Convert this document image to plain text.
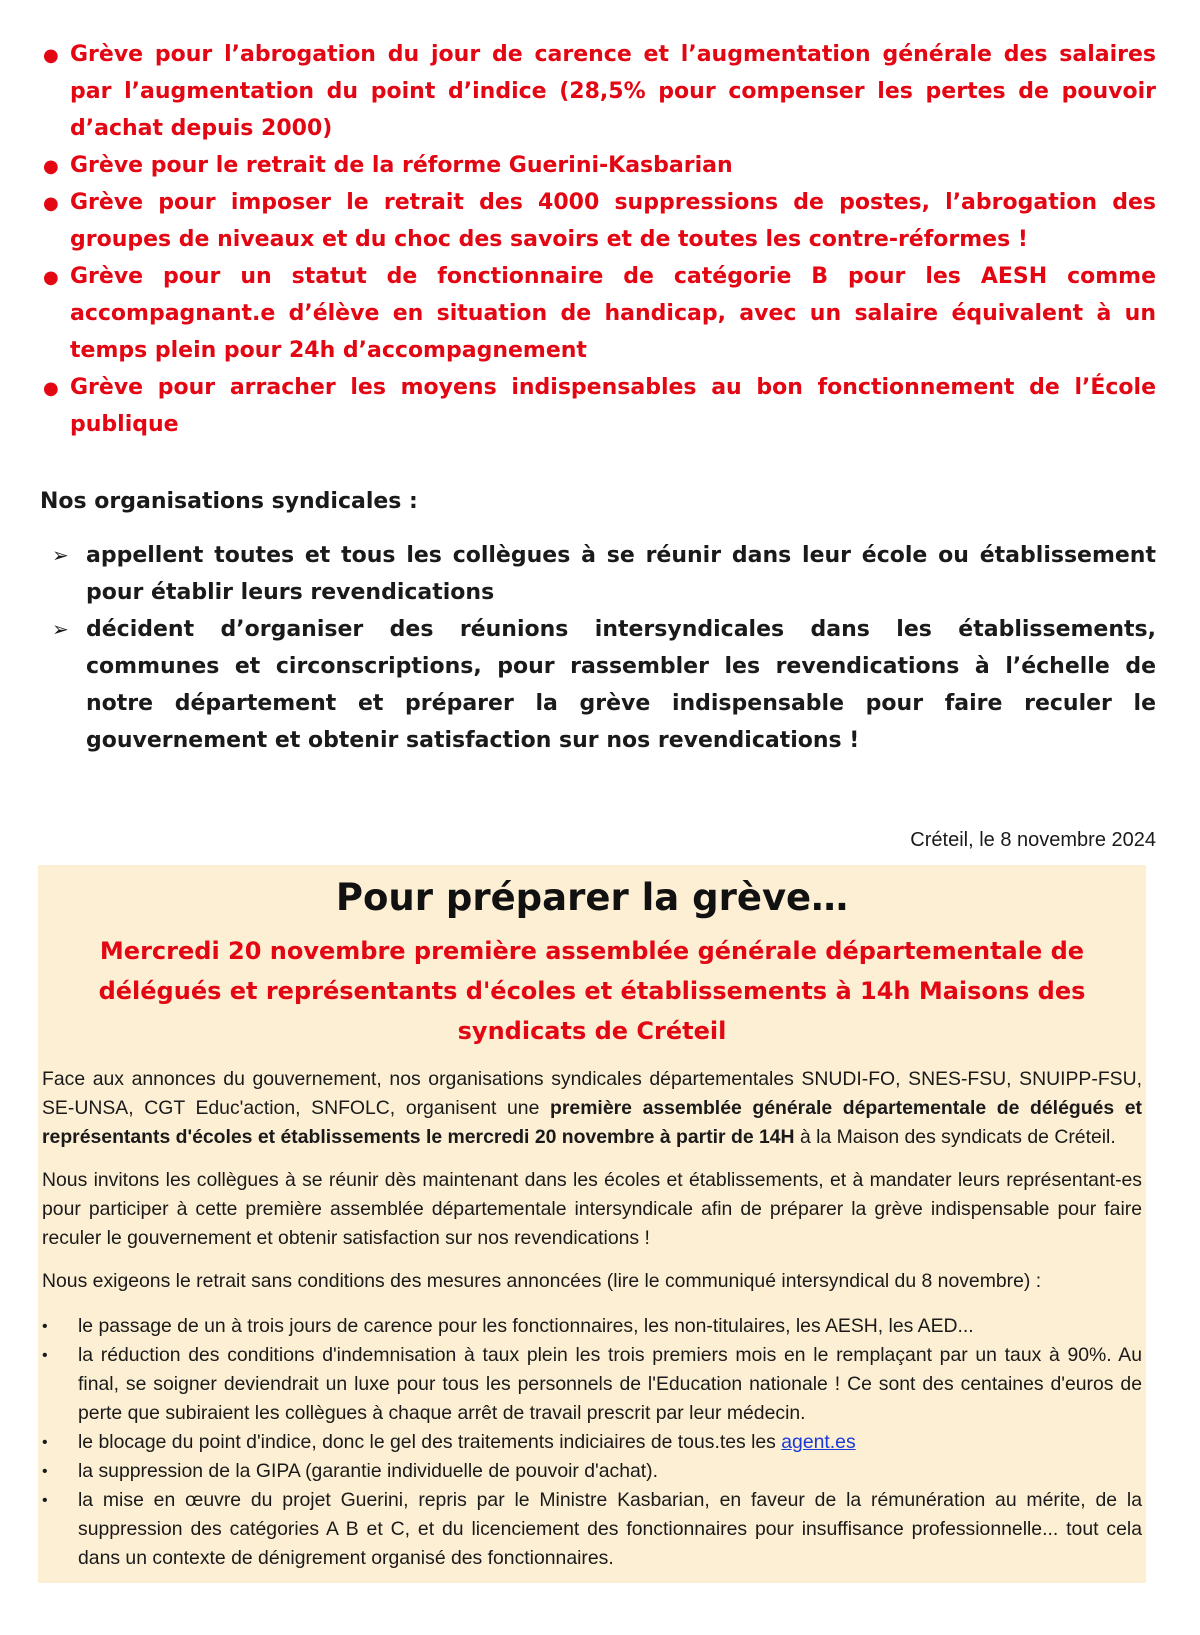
● Grève pour l’abrogation du jour de carence et l’augmentation générale des salaires par l’augmentation du point d’indice (28,5% pour compenser les pertes de pouvoir d’achat depuis 2000)
● Grève pour le retrait de la réforme Guerini-Kasbarian
● Grève pour imposer le retrait des 4000 suppressions de postes, l’abrogation des groupes de niveaux et du choc des savoirs et de toutes les contre-réformes !
● Grève pour un statut de fonctionnaire de catégorie B pour les AESH comme accompagnant.e d’élève en situation de handicap, avec un salaire équivalent à un temps plein pour 24h d’accompagnement
● Grève pour arracher les moyens indispensables au bon fonctionnement de l’École publique
Nos organisations syndicales :
➢ appellent toutes et tous les collègues à se réunir dans leur école ou établissement pour établir leurs revendications
➢ décident d’organiser des réunions intersyndicales dans les établissements, communes et circonscriptions, pour rassembler les revendications à l’échelle de notre département et préparer la grève indispensable pour faire reculer le gouvernement et obtenir satisfaction sur nos revendications !
Créteil, le 8 novembre 2024
Pour préparer la grève…
Mercredi 20 novembre première assemblée générale départementale de délégués et représentants d'écoles et établissements à 14h Maisons des syndicats de Créteil

Face aux annonces du gouvernement, nos organisations syndicales départementales SNUDI-FO, SNES-FSU, SNUIPP-FSU, SE-UNSA, CGT Educ'action, SNFOLC, organisent une première assemblée générale départementale de délégués et représentants d'écoles et établissements le mercredi 20 novembre à partir de 14H à la Maison des syndicats de Créteil.

Nous invitons les collègues à se réunir dès maintenant dans les écoles et établissements, et à mandater leurs représentant-es pour participer à cette première assemblée départementale intersyndicale afin de préparer la grève indispensable pour faire reculer le gouvernement et obtenir satisfaction sur nos revendications !

Nous exigeons le retrait sans conditions des mesures annoncées (lire le communiqué intersyndical du 8 novembre) :

• le passage de un à trois jours de carence pour les fonctionnaires, les non-titulaires, les AESH, les AED...
• la réduction des conditions d'indemnisation à taux plein les trois premiers mois en le remplaçant par un taux à 90%. Au final, se soigner deviendrait un luxe pour tous les personnels de l'Education nationale ! Ce sont des centaines d'euros de perte que subiraient les collègues à chaque arrêt de travail prescrit par leur médecin.
• le blocage du point d'indice, donc le gel des traitements indiciaires de tous.tes les agent.es
• la suppression de la GIPA (garantie individuelle de pouvoir d'achat).
• la mise en œuvre du projet Guerini, repris par le Ministre Kasbarian, en faveur de la rémunération au mérite, de la suppression des catégories A B et C, et du licenciement des fonctionnaires pour insuffisance professionnelle... tout cela dans un contexte de dénigrement organisé des fonctionnaires.
